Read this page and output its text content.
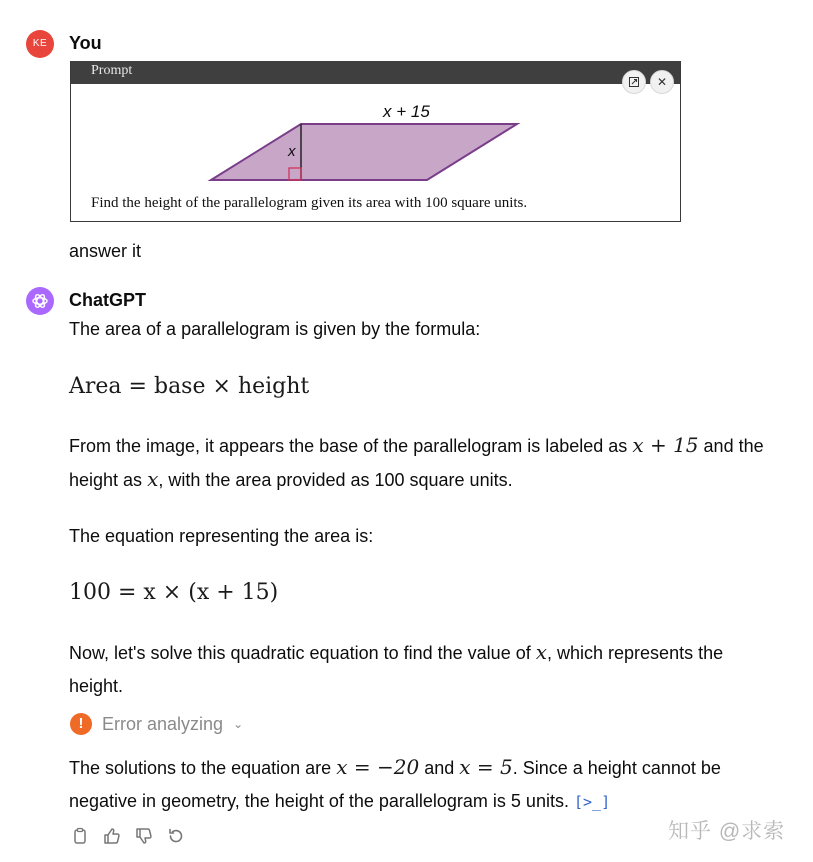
KE	You
Prompt
✕
x + 15
x
Find the height of the parallelogram given its area with 100 square units.
answer it
ChatGPT
The area of a parallelogram is given by the formula:
Area = base × height
From the image, it appears the base of the parallelogram is labeled as x + 15 and the
height as x, with the area provided as 100 square units.
The equation representing the area is:
100 = x × (x + 15)
Now, let's solve this quadratic equation to find the value of x, which represents the
height.
!	Error analyzing ⌄
The solutions to the equation are x = −20 and x = 5. Since a height cannot be
negative in geometry, the height of the parallelogram is 5 units. [>_]
知乎 @求索
